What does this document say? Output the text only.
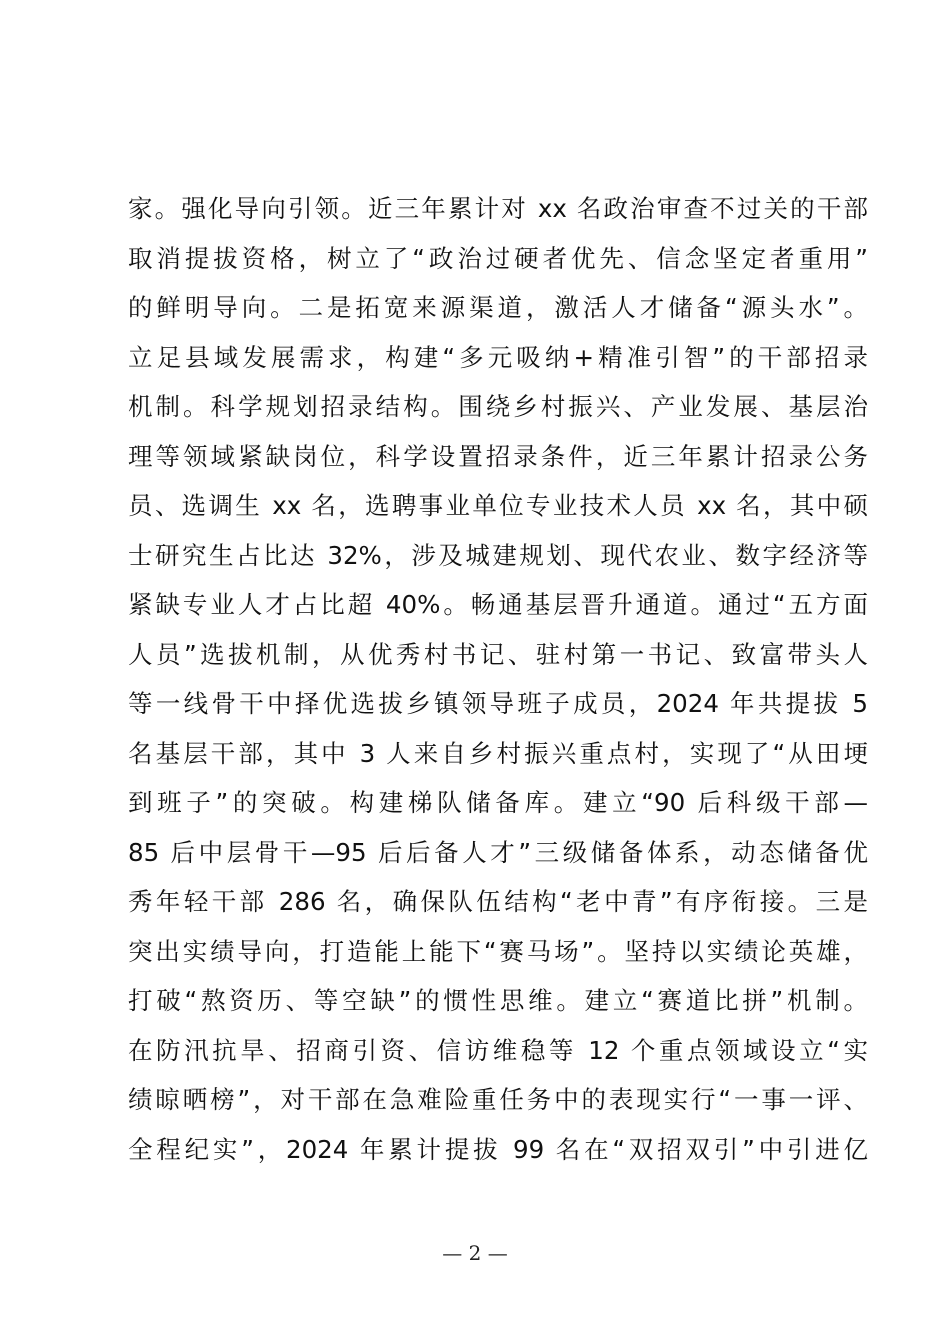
家。强化导向引领。近三年累计对 xx 名政治审查不过关的干部
取消提拔资格，树立了“政治过硬者优先、信念坚定者重用”
的鲜明导向。二是拓宽来源渠道，激活人才储备“源头水”。
立足县域发展需求，构建“多元吸纳+精准引智”的干部招录
机制。科学规划招录结构。围绕乡村振兴、产业发展、基层治
理等领域紧缺岗位，科学设置招录条件，近三年累计招录公务
员、选调生 xx 名，选聘事业单位专业技术人员 xx 名，其中硕
士研究生占比达 32%，涉及城建规划、现代农业、数字经济等
紧缺专业人才占比超 40%。畅通基层晋升通道。通过“五方面
人员”选拔机制，从优秀村书记、驻村第一书记、致富带头人
等一线骨干中择优选拔乡镇领导班子成员，2024 年共提拔 5
名基层干部，其中 3 人来自乡村振兴重点村，实现了“从田埂
到班子”的突破。构建梯队储备库。建立“90 后科级干部—
85 后中层骨干—95 后后备人才”三级储备体系，动态储备优
秀年轻干部 286 名，确保队伍结构“老中青”有序衔接。三是
突出实绩导向，打造能上能下“赛马场”。坚持以实绩论英雄，
打破“熬资历、等空缺”的惯性思维。建立“赛道比拼”机制。
在防汛抗旱、招商引资、信访维稳等 12 个重点领域设立“实
绩晾晒榜”，对干部在急难险重任务中的表现实行“一事一评、
全程纪实”，2024 年累计提拔 99 名在“双招双引”中引进亿
— 2 —
